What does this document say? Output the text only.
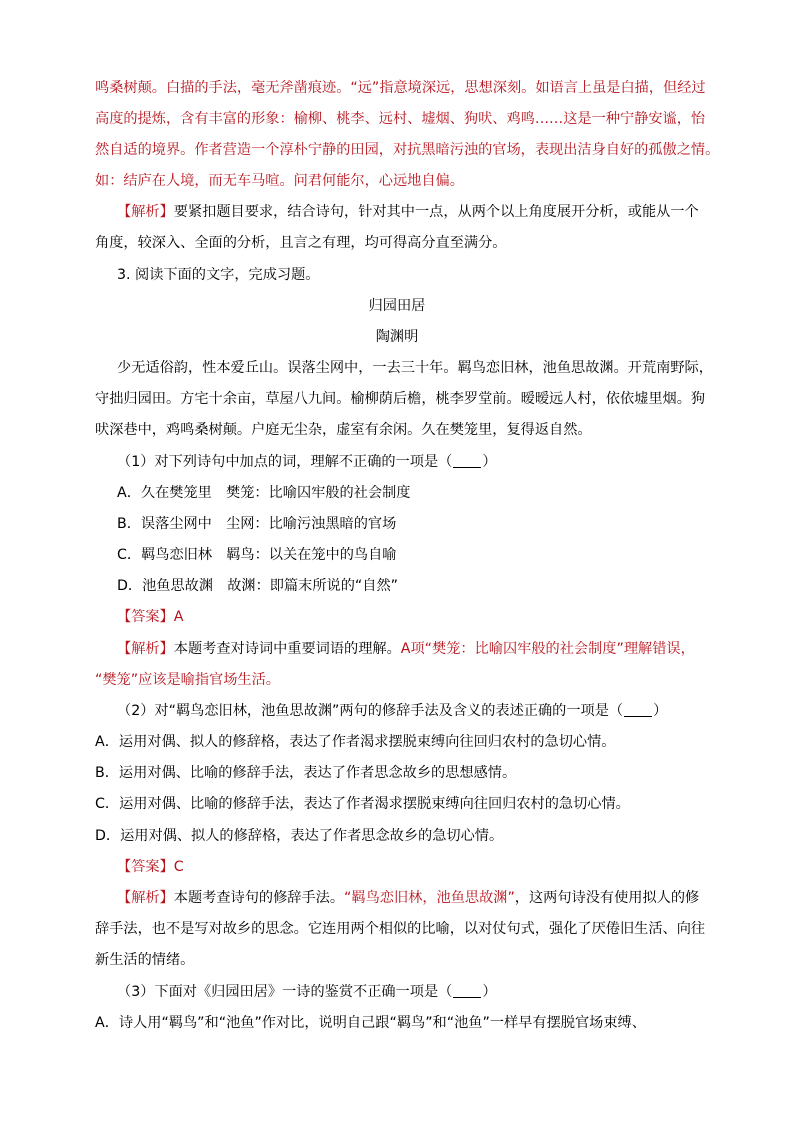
鸣桑树颠。白描的手法，毫无斧凿痕迹。“远”指意境深远，思想深刻。如语言上虽是白描，但经过
高度的提炼，含有丰富的形象：榆柳、桃李、远村、墟烟、狗吠、鸡鸣……这是一种宁静安谧，怡
然自适的境界。作者营造一个淳朴宁静的田园，对抗黑暗污浊的官场，表现出洁身自好的孤傲之情。
如：结庐在人境，而无车马喧。问君何能尔，心远地自偏。
【解析】要紧扣题目要求，结合诗句，针对其中一点，从两个以上角度展开分析，或能从一个
角度，较深入、全面的分析，且言之有理，均可得高分直至满分。
3. 阅读下面的文字，完成习题。
归园田居
陶渊明
少无适俗韵，性本爱丘山。误落尘网中，一去三十年。羁鸟恋旧林，池鱼思故渊。开荒南野际，
守拙归园田。方宅十余亩，草屋八九间。榆柳荫后檐，桃李罗堂前。暧暧远人村，依依墟里烟。狗
吠深巷中，鸡鸣桑树颠。户庭无尘杂，虚室有余闲。久在樊笼里，复得返自然。
（1）对下列诗句中加点的词，理解不正确的一项是（ ）
A．久在樊笼里　樊笼：比喻囚牢般的社会制度
B．误落尘网中　尘网：比喻污浊黑暗的官场
C．羁鸟恋旧林　羁鸟：以关在笼中的鸟自喻
D．池鱼思故渊　故渊：即篇末所说的“自然”
【答案】A
【解析】本题考查对诗词中重要词语的理解。A项“樊笼：比喻囚牢般的社会制度”理解错误，
“樊笼”应该是喻指官场生活。
（2）对“羁鸟恋旧林，池鱼思故渊”两句的修辞手法及含义的表述正确的一项是（ ）
A．运用对偶、拟人的修辞格，表达了作者渴求摆脱束缚向往回归农村的急切心情。
B．运用对偶、比喻的修辞手法，表达了作者思念故乡的思想感情。
C．运用对偶、比喻的修辞手法，表达了作者渴求摆脱束缚向往回归农村的急切心情。
D．运用对偶、拟人的修辞格，表达了作者思念故乡的急切心情。
【答案】C
【解析】本题考查诗句的修辞手法。“羁鸟恋旧林，池鱼思故渊”，这两句诗没有使用拟人的修
辞手法，也不是写对故乡的思念。它连用两个相似的比喻，以对仗句式，强化了厌倦旧生活、向往
新生活的情绪。
（3）下面对《归园田居》一诗的鉴赏不正确一项是（ ）
A．诗人用“羁鸟”和“池鱼”作对比，说明自己跟“羁鸟”和“池鱼”一样早有摆脱官场束缚、
